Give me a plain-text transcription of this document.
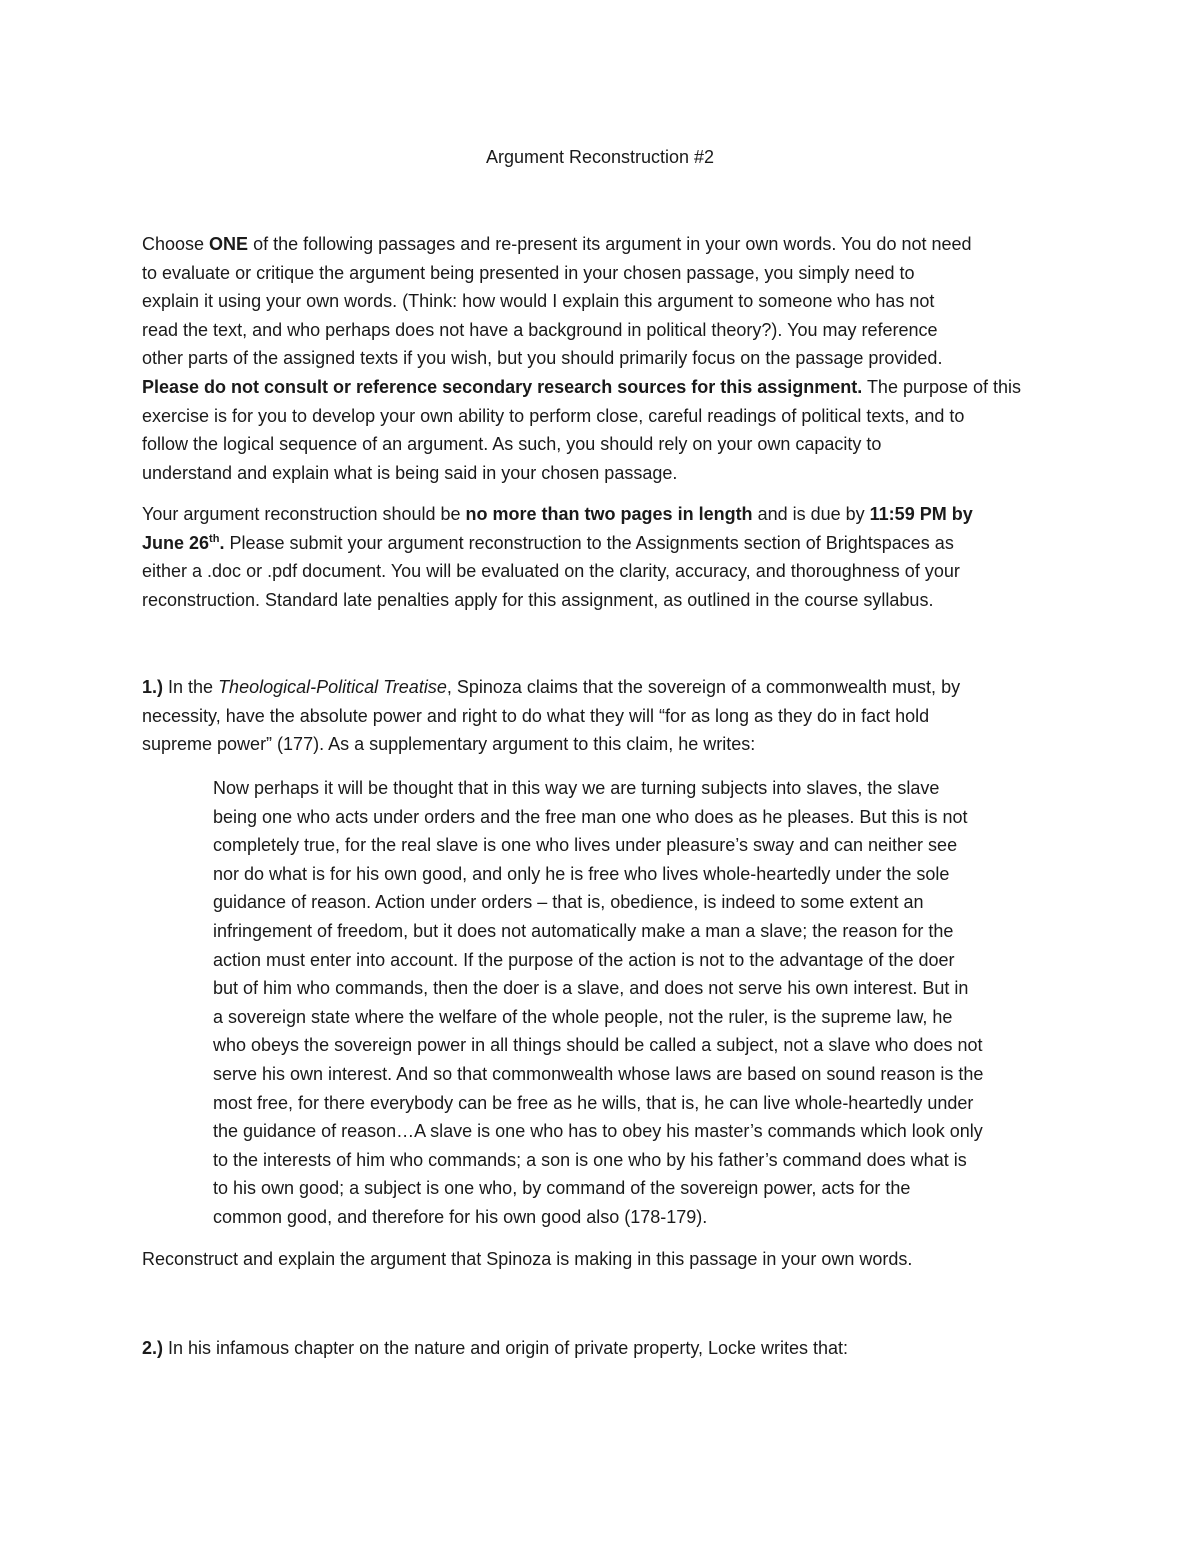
Argument Reconstruction #2
Choose ONE of the following passages and re-present its argument in your own words. You do not need
to evaluate or critique the argument being presented in your chosen passage, you simply need to
explain it using your own words. (Think: how would I explain this argument to someone who has not
read the text, and who perhaps does not have a background in political theory?). You may reference
other parts of the assigned texts if you wish, but you should primarily focus on the passage provided.
Please do not consult or reference secondary research sources for this assignment. The purpose of this
exercise is for you to develop your own ability to perform close, careful readings of political texts, and to
follow the logical sequence of an argument. As such, you should rely on your own capacity to
understand and explain what is being said in your chosen passage.
Your argument reconstruction should be no more than two pages in length and is due by 11:59 PM by
June 26th. Please submit your argument reconstruction to the Assignments section of Brightspaces as
either a .doc or .pdf document. You will be evaluated on the clarity, accuracy, and thoroughness of your
reconstruction. Standard late penalties apply for this assignment, as outlined in the course syllabus.
1.) In the Theological-Political Treatise, Spinoza claims that the sovereign of a commonwealth must, by
necessity, have the absolute power and right to do what they will “for as long as they do in fact hold
supreme power” (177). As a supplementary argument to this claim, he writes:
Now perhaps it will be thought that in this way we are turning subjects into slaves, the slave
being one who acts under orders and the free man one who does as he pleases. But this is not
completely true, for the real slave is one who lives under pleasure’s sway and can neither see
nor do what is for his own good, and only he is free who lives whole-heartedly under the sole
guidance of reason. Action under orders – that is, obedience, is indeed to some extent an
infringement of freedom, but it does not automatically make a man a slave; the reason for the
action must enter into account. If the purpose of the action is not to the advantage of the doer
but of him who commands, then the doer is a slave, and does not serve his own interest. But in
a sovereign state where the welfare of the whole people, not the ruler, is the supreme law, he
who obeys the sovereign power in all things should be called a subject, not a slave who does not
serve his own interest. And so that commonwealth whose laws are based on sound reason is the
most free, for there everybody can be free as he wills, that is, he can live whole-heartedly under
the guidance of reason…A slave is one who has to obey his master’s commands which look only
to the interests of him who commands; a son is one who by his father’s command does what is
to his own good; a subject is one who, by command of the sovereign power, acts for the
common good, and therefore for his own good also (178-179).
Reconstruct and explain the argument that Spinoza is making in this passage in your own words.
2.) In his infamous chapter on the nature and origin of private property, Locke writes that:
